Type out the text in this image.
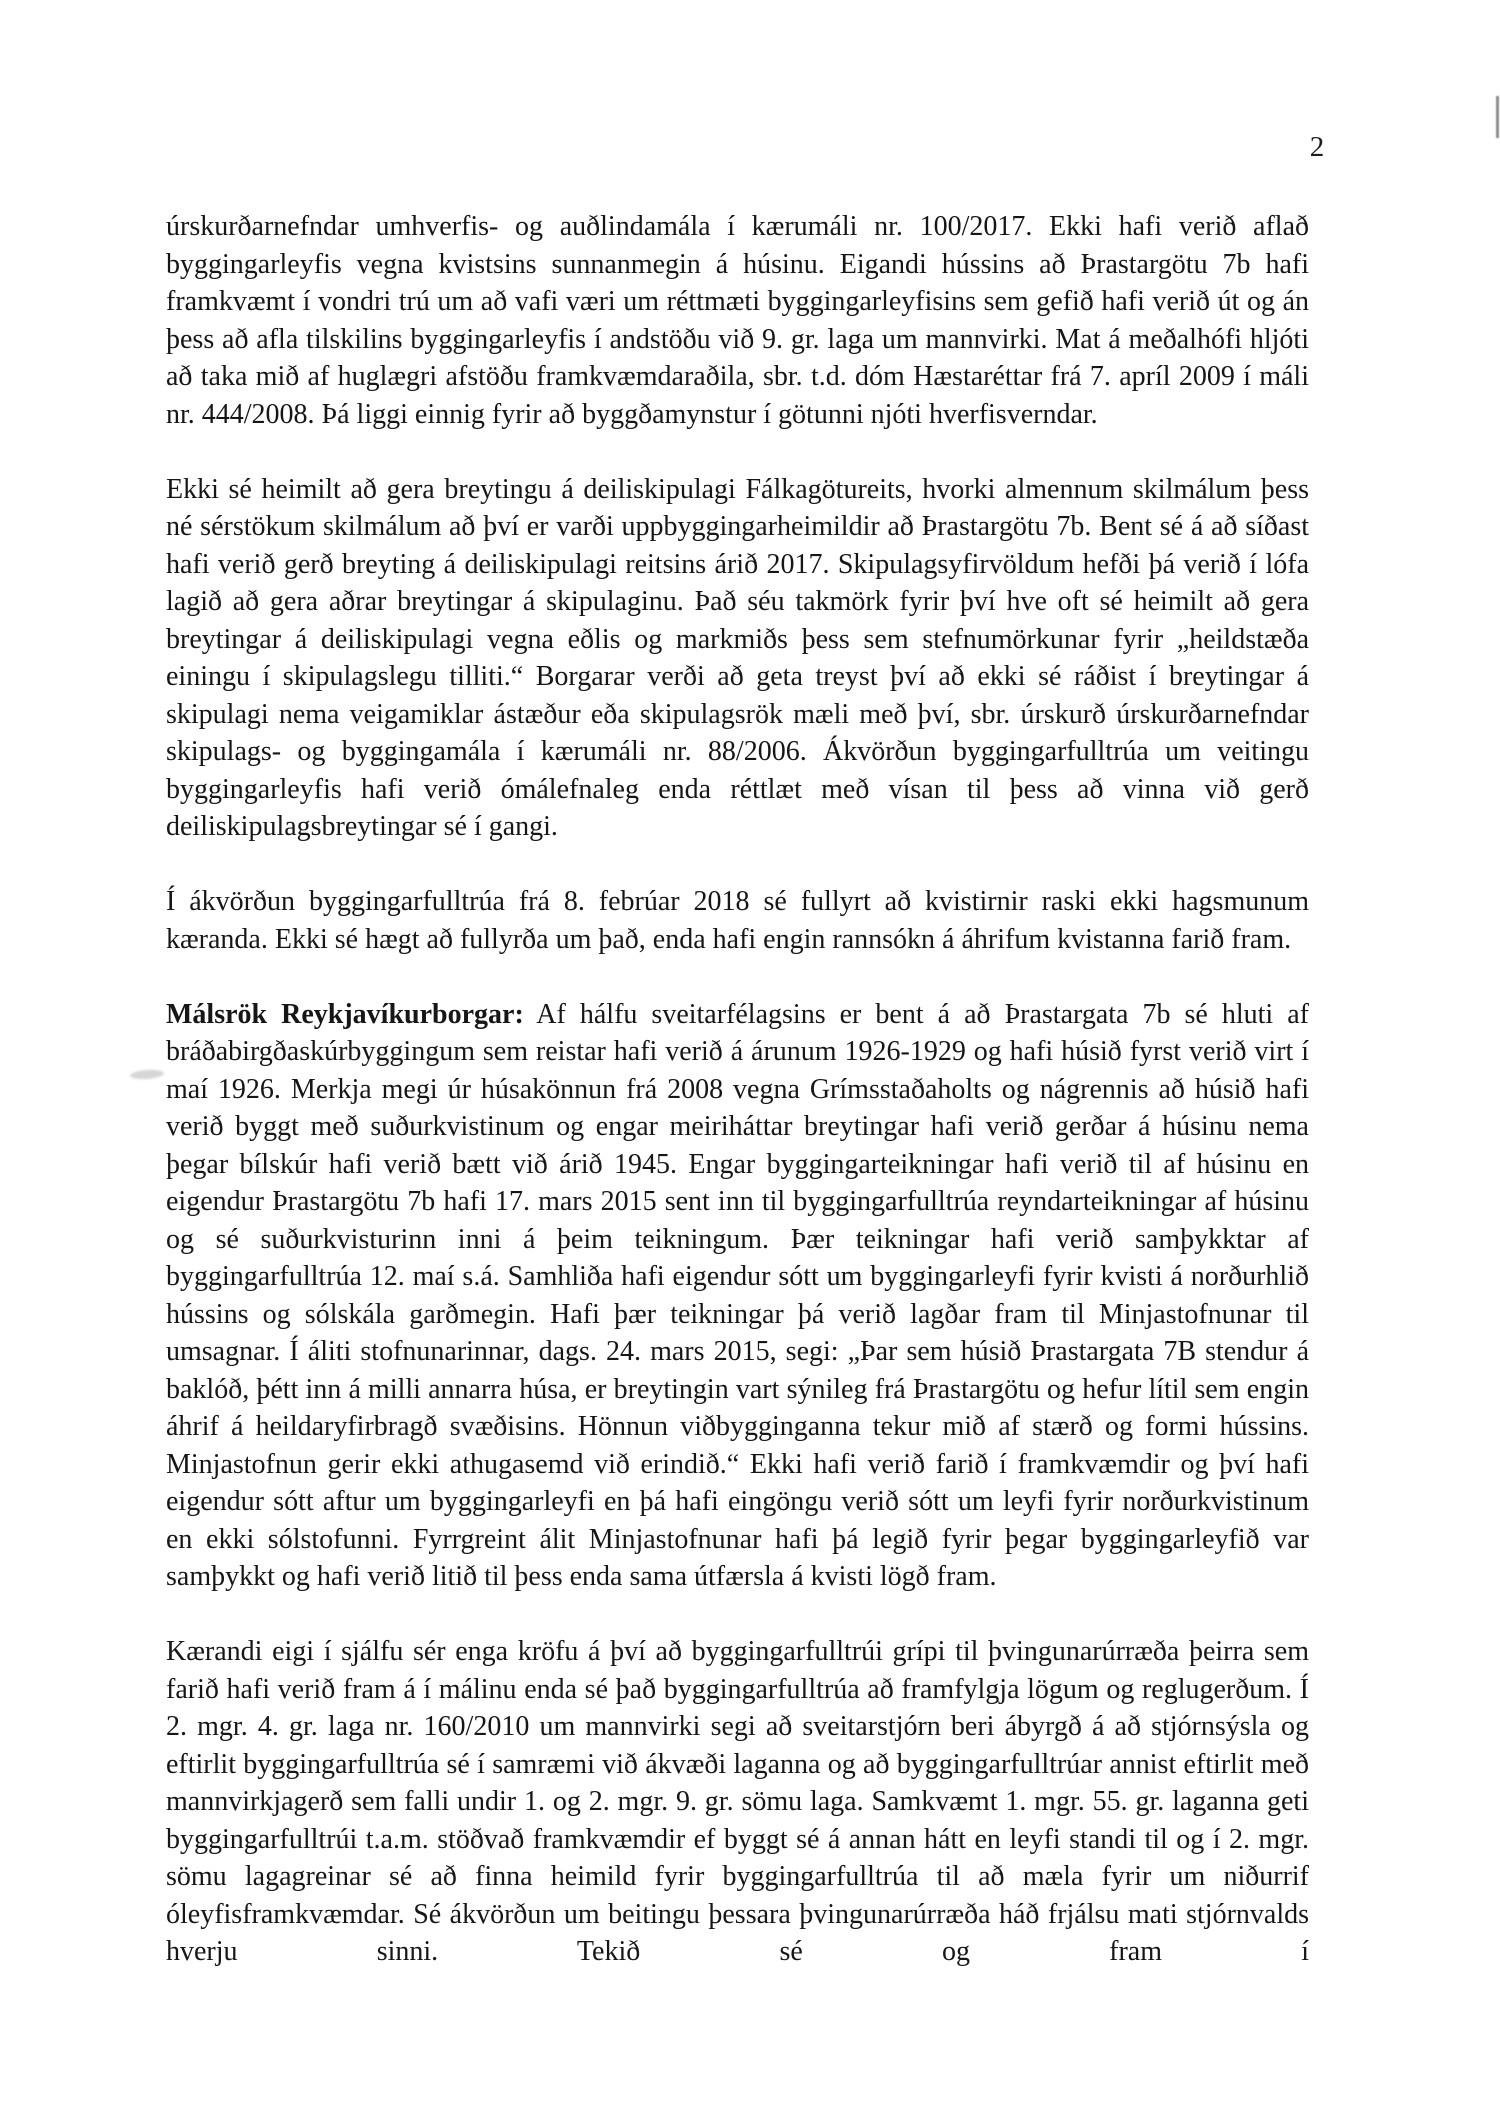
2

úrskurðarnefndar umhverfis- og auðlindamála í kærumáli nr. 100/2017. Ekki hafi verið aflað byggingarleyfis vegna kvistsins sunnanmegin á húsinu. Eigandi hússins að Þrastargötu 7b hafi framkvæmt í vondri trú um að vafi væri um réttmæti byggingarleyfisins sem gefið hafi verið út og án þess að afla tilskilins byggingarleyfis í andstöðu við 9. gr. laga um mannvirki. Mat á meðalhófi hljóti að taka mið af huglægri afstöðu framkvæmdaraðila, sbr. t.d. dóm Hæstaréttar frá 7. apríl 2009 í máli nr. 444/2008. Þá liggi einnig fyrir að byggðamynstur í götunni njóti hverfisverndar.

Ekki sé heimilt að gera breytingu á deiliskipulagi Fálkagötureits, hvorki almennum skilmálum þess né sérstökum skilmálum að því er varði uppbyggingarheimildir að Þrastargötu 7b. Bent sé á að síðast hafi verið gerð breyting á deiliskipulagi reitsins árið 2017. Skipulagsyfirvöldum hefði þá verið í lófa lagið að gera aðrar breytingar á skipulaginu. Það séu takmörk fyrir því hve oft sé heimilt að gera breytingar á deiliskipulagi vegna eðlis og markmiðs þess sem stefnumörkunar fyrir „heildstæða einingu í skipulagslegu tilliti.“ Borgarar verði að geta treyst því að ekki sé ráðist í breytingar á skipulagi nema veigamiklar ástæður eða skipulagsrök mæli með því, sbr. úrskurð úrskurðarnefndar skipulags- og byggingamála í kærumáli nr. 88/2006. Ákvörðun byggingarfulltrúa um veitingu byggingarleyfis hafi verið ómálefnaleg enda réttlæt með vísan til þess að vinna við gerð deiliskipulagsbreytingar sé í gangi.

Í ákvörðun byggingarfulltrúa frá 8. febrúar 2018 sé fullyrt að kvistirnir raski ekki hagsmunum kæranda. Ekki sé hægt að fullyrða um það, enda hafi engin rannsókn á áhrifum kvistanna farið fram.

Málsrök Reykjavíkurborgar: Af hálfu sveitarfélagsins er bent á að Þrastargata 7b sé hluti af bráðabirgðaskúrbyggingum sem reistar hafi verið á árunum 1926-1929 og hafi húsið fyrst verið virt í maí 1926. Merkja megi úr húsakönnun frá 2008 vegna Grímsstaðaholts og nágrennis að húsið hafi verið byggt með suðurkvistinum og engar meiriháttar breytingar hafi verið gerðar á húsinu nema þegar bílskúr hafi verið bætt við árið 1945. Engar byggingarteikningar hafi verið til af húsinu en eigendur Þrastargötu 7b hafi 17. mars 2015 sent inn til byggingarfulltrúa reyndarteikningar af húsinu og sé suðurkvisturinn inni á þeim teikningum. Þær teikningar hafi verið samþykktar af byggingarfulltrúa 12. maí s.á. Samhliða hafi eigendur sótt um byggingarleyfi fyrir kvisti á norðurhlið hússins og sólskála garðmegin. Hafi þær teikningar þá verið lagðar fram til Minjastofnunar til umsagnar. Í áliti stofnunarinnar, dags. 24. mars 2015, segi: „Þar sem húsið Þrastargata 7B stendur á baklóð, þétt inn á milli annarra húsa, er breytingin vart sýnileg frá Þrastargötu og hefur lítil sem engin áhrif á heildaryfirbragð svæðisins. Hönnun viðbygginganna tekur mið af stærð og formi hússins. Minjastofnun gerir ekki athugasemd við erindið.“ Ekki hafi verið farið í framkvæmdir og því hafi eigendur sótt aftur um byggingarleyfi en þá hafi eingöngu verið sótt um leyfi fyrir norðurkvistinum en ekki sólstofunni. Fyrrgreint álit Minjastofnunar hafi þá legið fyrir þegar byggingarleyfið var samþykkt og hafi verið litið til þess enda sama útfærsla á kvisti lögð fram.

Kærandi eigi í sjálfu sér enga kröfu á því að byggingarfulltrúi grípi til þvingunarúrræða þeirra sem farið hafi verið fram á í málinu enda sé það byggingarfulltrúa að framfylgja lögum og reglugerðum. Í 2. mgr. 4. gr. laga nr. 160/2010 um mannvirki segi að sveitarstjórn beri ábyrgð á að stjórnsýsla og eftirlit byggingarfulltrúa sé í samræmi við ákvæði laganna og að byggingarfulltrúar annist eftirlit með mannvirkjagerð sem falli undir 1. og 2. mgr. 9. gr. sömu laga. Samkvæmt 1. mgr. 55. gr. laganna geti byggingarfulltrúi t.a.m. stöðvað framkvæmdir ef byggt sé á annan hátt en leyfi standi til og í 2. mgr. sömu lagagreinar sé að finna heimild fyrir byggingarfulltrúa til að mæla fyrir um niðurrif óleyfisframkvæmdar. Sé ákvörðun um beitingu þessara þvingunarúrræða háð frjálsu mati stjórnvalds hverju sinni. Tekið sé og fram í
